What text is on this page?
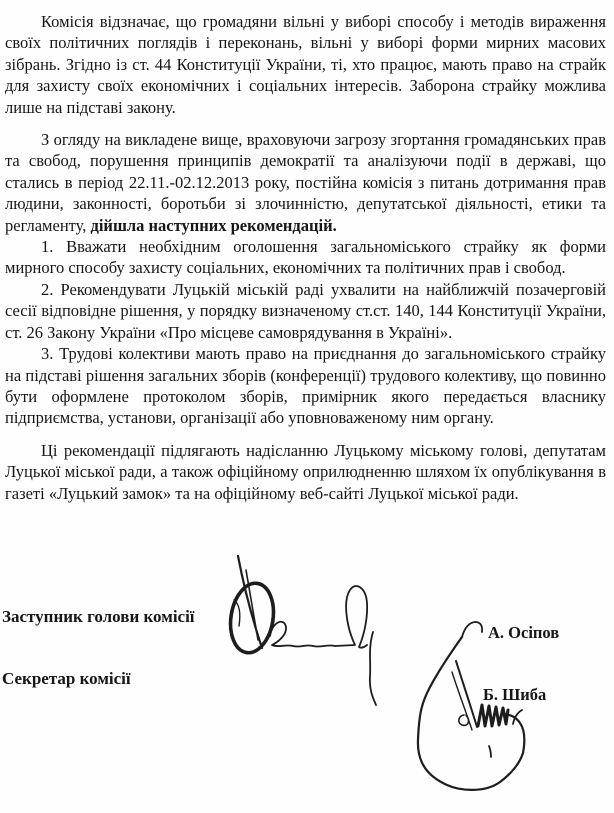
Комісія відзначає, що громадяни вільні у виборі способу і методів вираження своїх політичних поглядів і переконань, вільні у виборі форми мирних масових зібрань. Згідно із ст. 44 Конституції України, ті, хто працює, мають право на страйк для захисту своїх економічних і соціальних інтересів. Заборона страйку можлива лише на підставі закону.

З огляду на викладене вище, враховуючи загрозу згортання громадянських прав та свобод, порушення принципів демократії та аналізуючи події в державі, що стались в період 22.11.-02.12.2013 року, постійна комісія з питань дотримання прав людини, законності, боротьби зі злочинністю, депутатської діяльності, етики та регламенту, дійшла наступних рекомендацій.

1. Вважати необхідним оголошення загальноміського страйку як форми мирного способу захисту соціальних, економічних та політичних прав і свобод.

2. Рекомендувати Луцькій міській раді ухвалити на найближчій позачерговій сесії відповідне рішення, у порядку визначеному ст.ст. 140, 144 Конституції України, ст. 26 Закону України «Про місцеве самоврядування в Україні».

3. Трудові колективи мають право на приєднання до загальноміського страйку на підставі рішення загальних зборів (конференції) трудового колективу, що повинно бути оформлене протоколом зборів, примірник якого передається власнику підприємства, установи, організації або уповноваженому ним органу.

Ці рекомендації підлягають надісланню Луцькому міському голові, депутатам Луцької міської ради, а також офіційному оприлюдненню шляхом їх опублікування в газеті «Луцький замок» та на офіційному веб-сайті Луцької міської ради.

Заступник голови комісії
Секретар комісії
А. Осіпов
Б. Шиба
